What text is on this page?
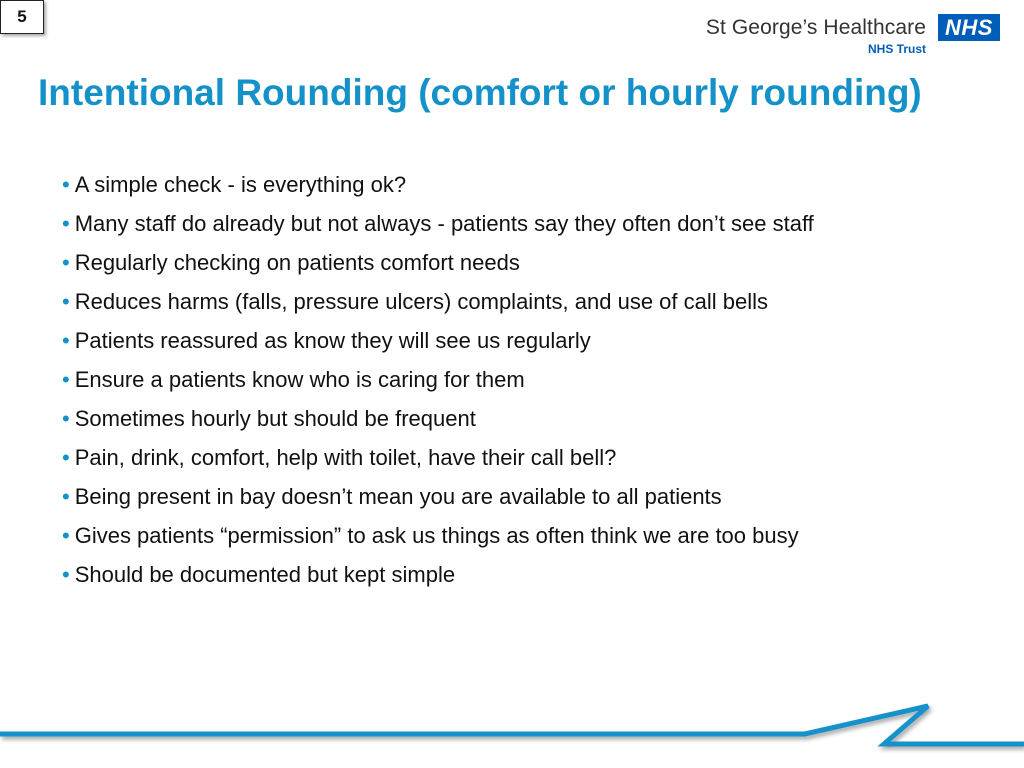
5	St George’s Healthcare NHS
NHS Trust
Intentional Rounding (comfort or hourly rounding)
• A simple check - is everything ok?
• Many staff do already but not always - patients say they often don’t see staff
• Regularly checking on patients comfort needs
• Reduces harms (falls, pressure ulcers) complaints, and use of call bells
• Patients reassured as know they will see us regularly
• Ensure a patients know who is caring for them
• Sometimes hourly but should be frequent
• Pain, drink, comfort, help with toilet, have their call bell?
• Being present in bay doesn’t mean you are available to all patients
• Gives patients “permission” to ask us things as often think we are too busy
• Should be documented but kept simple
